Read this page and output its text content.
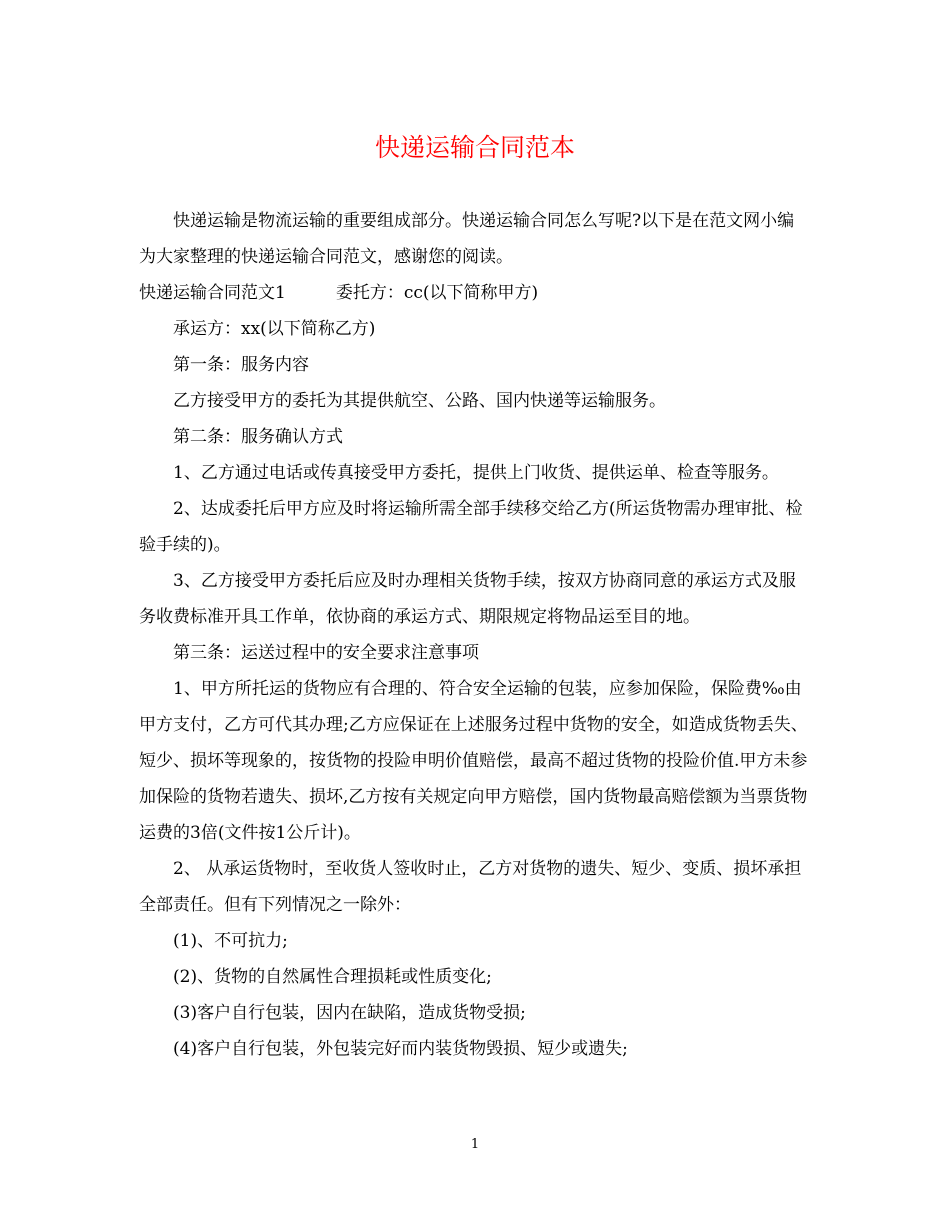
快递运输合同范本

快递运输是物流运输的重要组成部分。快递运输合同怎么写呢?以下是在范文网小编为大家整理的快递运输合同范文，感谢您的阅读。

快递运输合同范文1	委托方：cc(以下简称甲方)

承运方：xx(以下简称乙方)

第一条：服务内容

乙方接受甲方的委托为其提供航空、公路、国内快递等运输服务。

第二条：服务确认方式

1、乙方通过电话或传真接受甲方委托，提供上门收货、提供运单、检查等服务。

2、达成委托后甲方应及时将运输所需全部手续移交给乙方(所运货物需办理审批、检验手续的)。

3、乙方接受甲方委托后应及时办理相关货物手续，按双方协商同意的承运方式及服务收费标准开具工作单，依协商的承运方式、期限规定将物品运至目的地。

第三条：运送过程中的安全要求注意事项

1、甲方所托运的货物应有合理的、符合安全运输的包装，应参加保险，保险费‰由甲方支付，乙方可代其办理;乙方应保证在上述服务过程中货物的安全，如造成货物丢失、短少、损坏等现象的，按货物的投险申明价值赔偿，最高不超过货物的投险价值.甲方未参加保险的货物若遗失、损坏,乙方按有关规定向甲方赔偿，国内货物最高赔偿额为当票货物运费的3倍(文件按1公斤计)。

2、 从承运货物时，至收货人签收时止，乙方对货物的遗失、短少、变质、损坏承担全部责任。但有下列情况之一除外：

(1)、不可抗力;

(2)、货物的自然属性合理损耗或性质变化;

(3)客户自行包装，因内在缺陷，造成货物受损;

(4)客户自行包装，外包装完好而内装货物毁损、短少或遗失;

1
